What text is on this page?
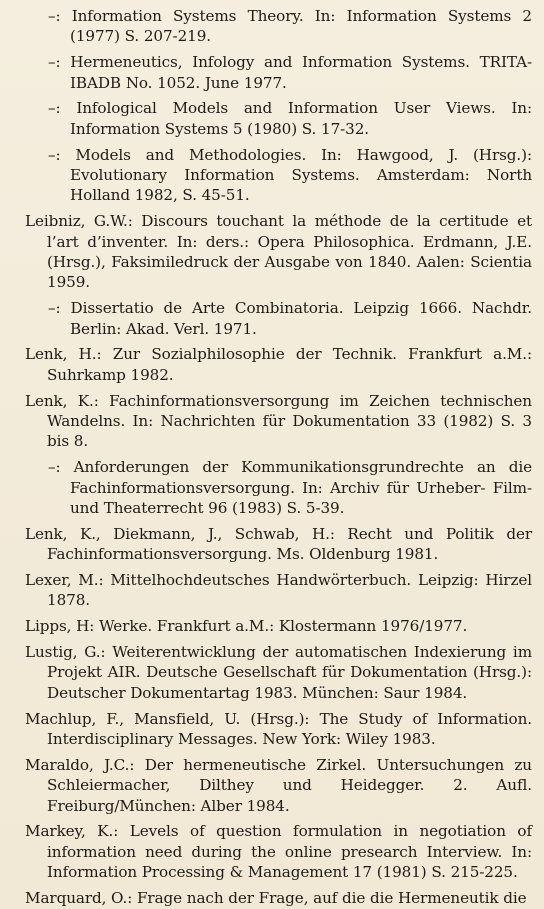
–: Information Systems Theory. In: Information Systems 2 (1977) S. 207-219.
–: Hermeneutics, Infology and Information Systems. TRITA-IBADB No. 1052. June 1977.
–: Infological Models and Information User Views. In: Information Systems 5 (1980) S. 17-32.
–: Models and Methodologies. In: Hawgood, J. (Hrsg.): Evolutionary Information Systems. Amsterdam: North Holland 1982, S. 45-51.
Leibniz, G.W.: Discours touchant la méthode de la certitude et l’art d’inventer. In: ders.: Opera Philosophica. Erdmann, J.E. (Hrsg.), Faksimiledruck der Ausgabe von 1840. Aalen: Scientia 1959.
–: Dissertatio de Arte Combinatoria. Leipzig 1666. Nachdr. Berlin: Akad. Verl. 1971.
Lenk, H.: Zur Sozialphilosophie der Technik. Frankfurt a.M.: Suhrkamp 1982.
Lenk, K.: Fachinformationsversorgung im Zeichen technischen Wandelns. In: Nachrichten für Dokumentation 33 (1982) S. 3 bis 8.
–: Anforderungen der Kommunikationsgrundrechte an die Fachinformationsversorgung. In: Archiv für Urheber- Film- und Theaterrecht 96 (1983) S. 5-39.
Lenk, K., Diekmann, J., Schwab, H.: Recht und Politik der Fachinformationsversorgung. Ms. Oldenburg 1981.
Lexer, M.: Mittelhochdeutsches Handwörterbuch. Leipzig: Hirzel 1878.
Lipps, H: Werke. Frankfurt a.M.: Klostermann 1976/1977.
Lustig, G.: Weiterentwicklung der automatischen Indexierung im Projekt AIR. Deutsche Gesellschaft für Dokumentation (Hrsg.): Deutscher Dokumentartag 1983. München: Saur 1984.
Machlup, F., Mansfield, U. (Hrsg.): The Study of Information. Interdisciplinary Messages. New York: Wiley 1983.
Maraldo, J.C.: Der hermeneutische Zirkel. Untersuchungen zu Schleiermacher, Dilthey und Heidegger. 2. Aufl. Freiburg/München: Alber 1984.
Markey, K.: Levels of question formulation in negotiation of information need during the online presearch Interview. In: Information Processing & Management 17 (1981) S. 215-225.
Marquard, O.: Frage nach der Frage, auf die die Hermeneutik die
